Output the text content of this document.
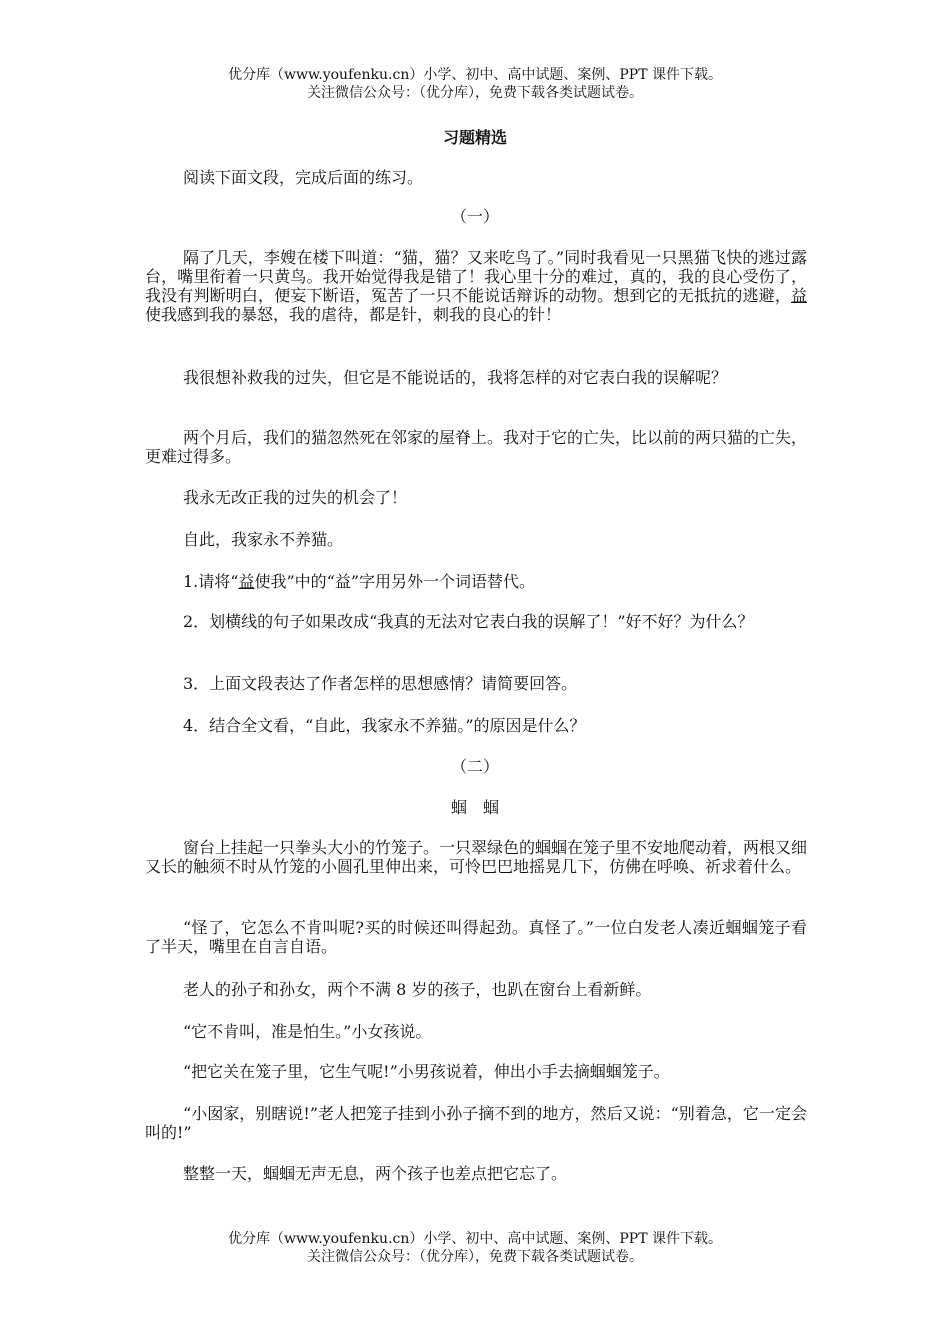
优分库（www.youfenku.cn）小学、初中、高中试题、案例、PPT 课件下载。
关注微信公众号：（优分库），免费下载各类试题试卷。
习题精选

阅读下面文段，完成后面的练习。

（一）

隔了几天，李嫂在楼下叫道：“猫，猫？又来吃鸟了。”同时我看见一只黑猫飞快的逃过露台，嘴里衔着一只黄鸟。我开始觉得我是错了！我心里十分的难过，真的，我的良心受伤了，我没有判断明白，便妄下断语，冤苦了一只不能说话辩诉的动物。想到它的无抵抗的逃避，益使我感到我的暴怒，我的虐待，都是针，刺我的良心的针！

我很想补救我的过失，但它是不能说话的，我将怎样的对它表白我的误解呢？

两个月后，我们的猫忽然死在邻家的屋脊上。我对于它的亡失，比以前的两只猫的亡失，更难过得多。

我永无改正我的过失的机会了！

自此，我家永不养猫。

1.请将“益使我”中的“益”字用另外一个词语替代。

2．划横线的句子如果改成“我真的无法对它表白我的误解了！”好不好？为什么？

3．上面文段表达了作者怎样的思想感情？请简要回答。

4．结合全文看，“自此，我家永不养猫。”的原因是什么？

（二）
蝈　蝈

窗台上挂起一只拳头大小的竹笼子。一只翠绿色的蝈蝈在笼子里不安地爬动着，两根又细又长的触须不时从竹笼的小圆孔里伸出来，可怜巴巴地摇晃几下，仿佛在呼唤、祈求着什么。

“怪了，它怎么不肯叫呢?买的时候还叫得起劲。真怪了。”一位白发老人凑近蝈蝈笼子看了半天，嘴里在自言自语。

老人的孙子和孙女，两个不满 8 岁的孩子，也趴在窗台上看新鲜。

“它不肯叫，准是怕生。”小女孩说。

“把它关在笼子里，它生气呢!”小男孩说着，伸出小手去摘蝈蝈笼子。

“小囡家，别瞎说!”老人把笼子挂到小孙子摘不到的地方，然后又说：“别着急，它一定会叫的!”

整整一天，蝈蝈无声无息，两个孩子也差点把它忘了。

优分库（www.youfenku.cn）小学、初中、高中试题、案例、PPT 课件下载。
关注微信公众号：（优分库），免费下载各类试题试卷。
